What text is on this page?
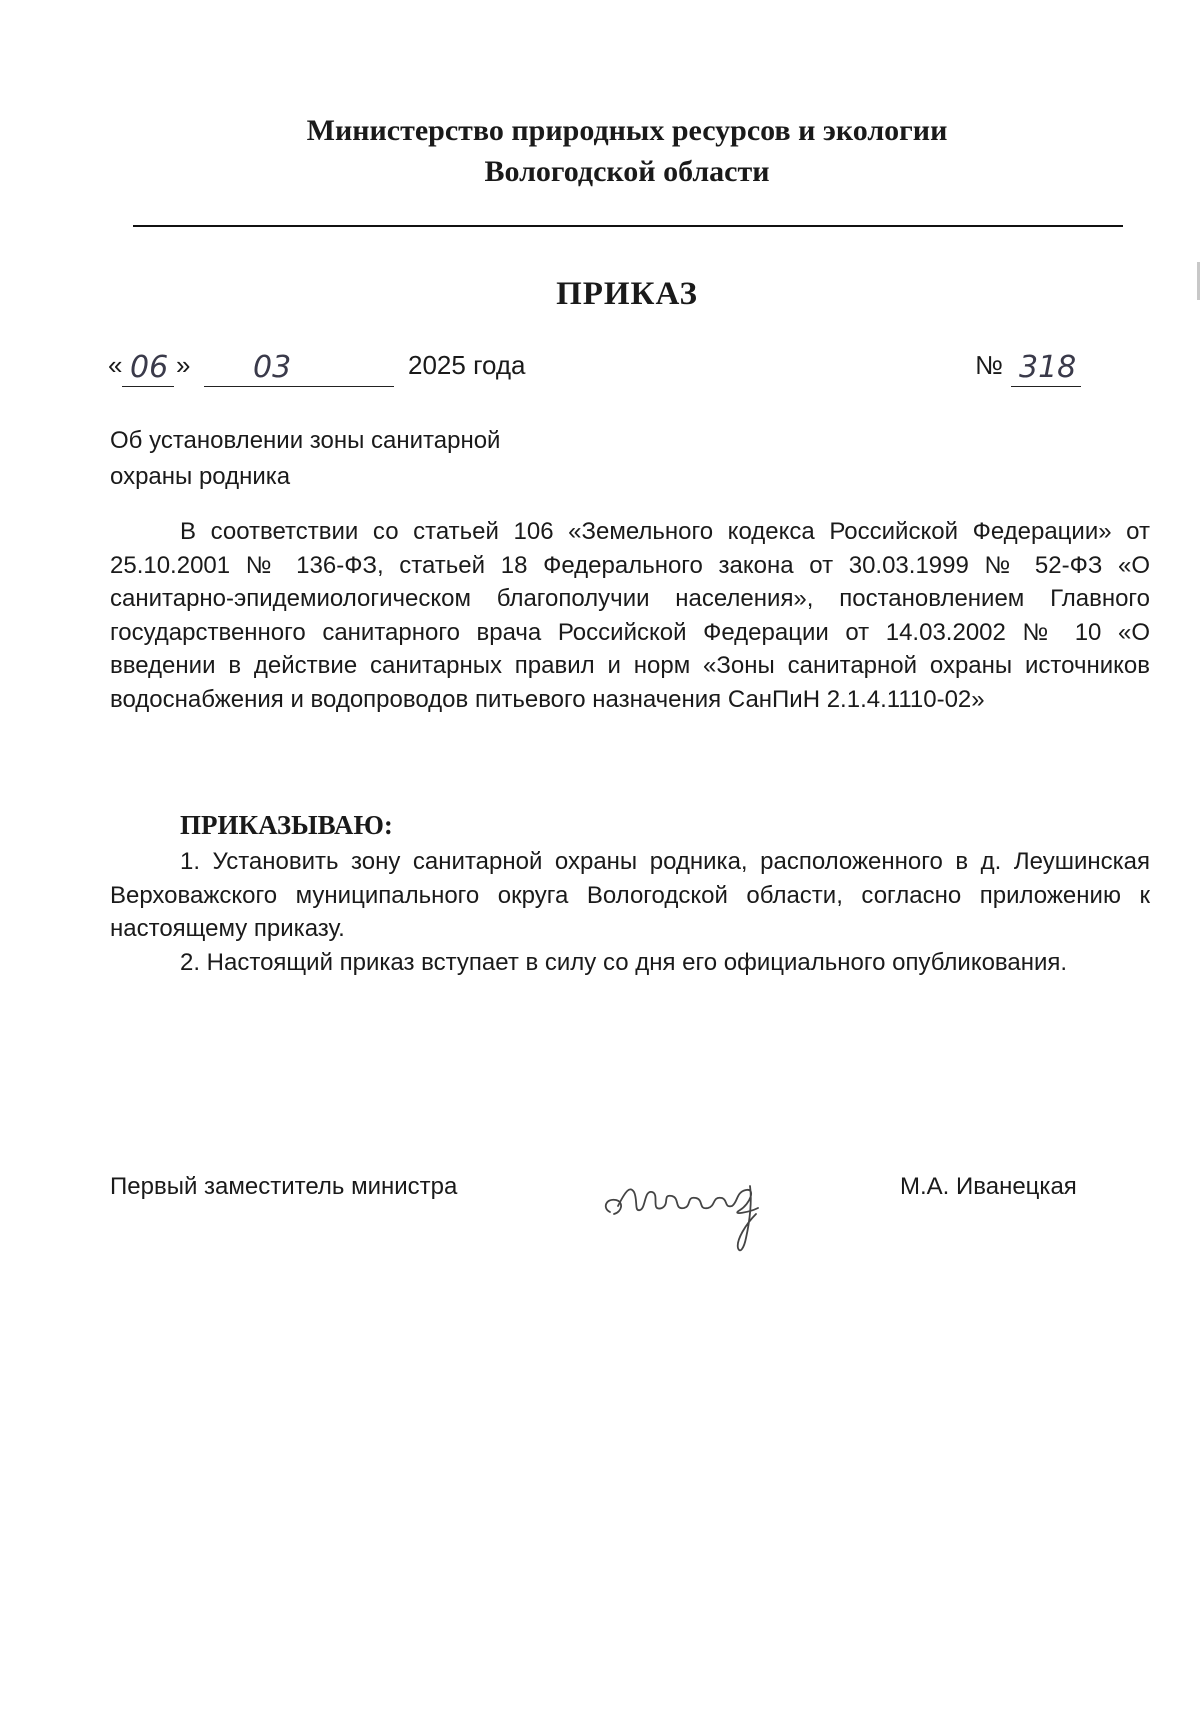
Министерство природных ресурсов и экологии
Вологодской области
ПРИКАЗ
« 06 » 03	2025 года	№ 318
Об установлении зоны санитарной
охраны родника
В соответствии со статьей 106 «Земельного кодекса Российской Федерации» от 25.10.2001 № 136-ФЗ, статьей 18 Федерального закона от 30.03.1999 № 52-ФЗ «О санитарно-эпидемиологическом благополучии населения», постановлением Главного государственного санитарного врача Российской Федерации от 14.03.2002 № 10 «О введении в действие санитарных правил и норм «Зоны санитарной охраны источников водоснабжения и водопроводов питьевого назначения СанПиН 2.1.4.1110-02»
ПРИКАЗЫВАЮ:

1. Установить зону санитарной охраны родника, расположенного в д. Леушинская Верховажского муниципального округа Вологодской области, согласно приложению к настоящему приказу.

2. Настоящий приказ вступает в силу со дня его официального опубликования.

Первый заместитель министра	М.А. Иванецкая
